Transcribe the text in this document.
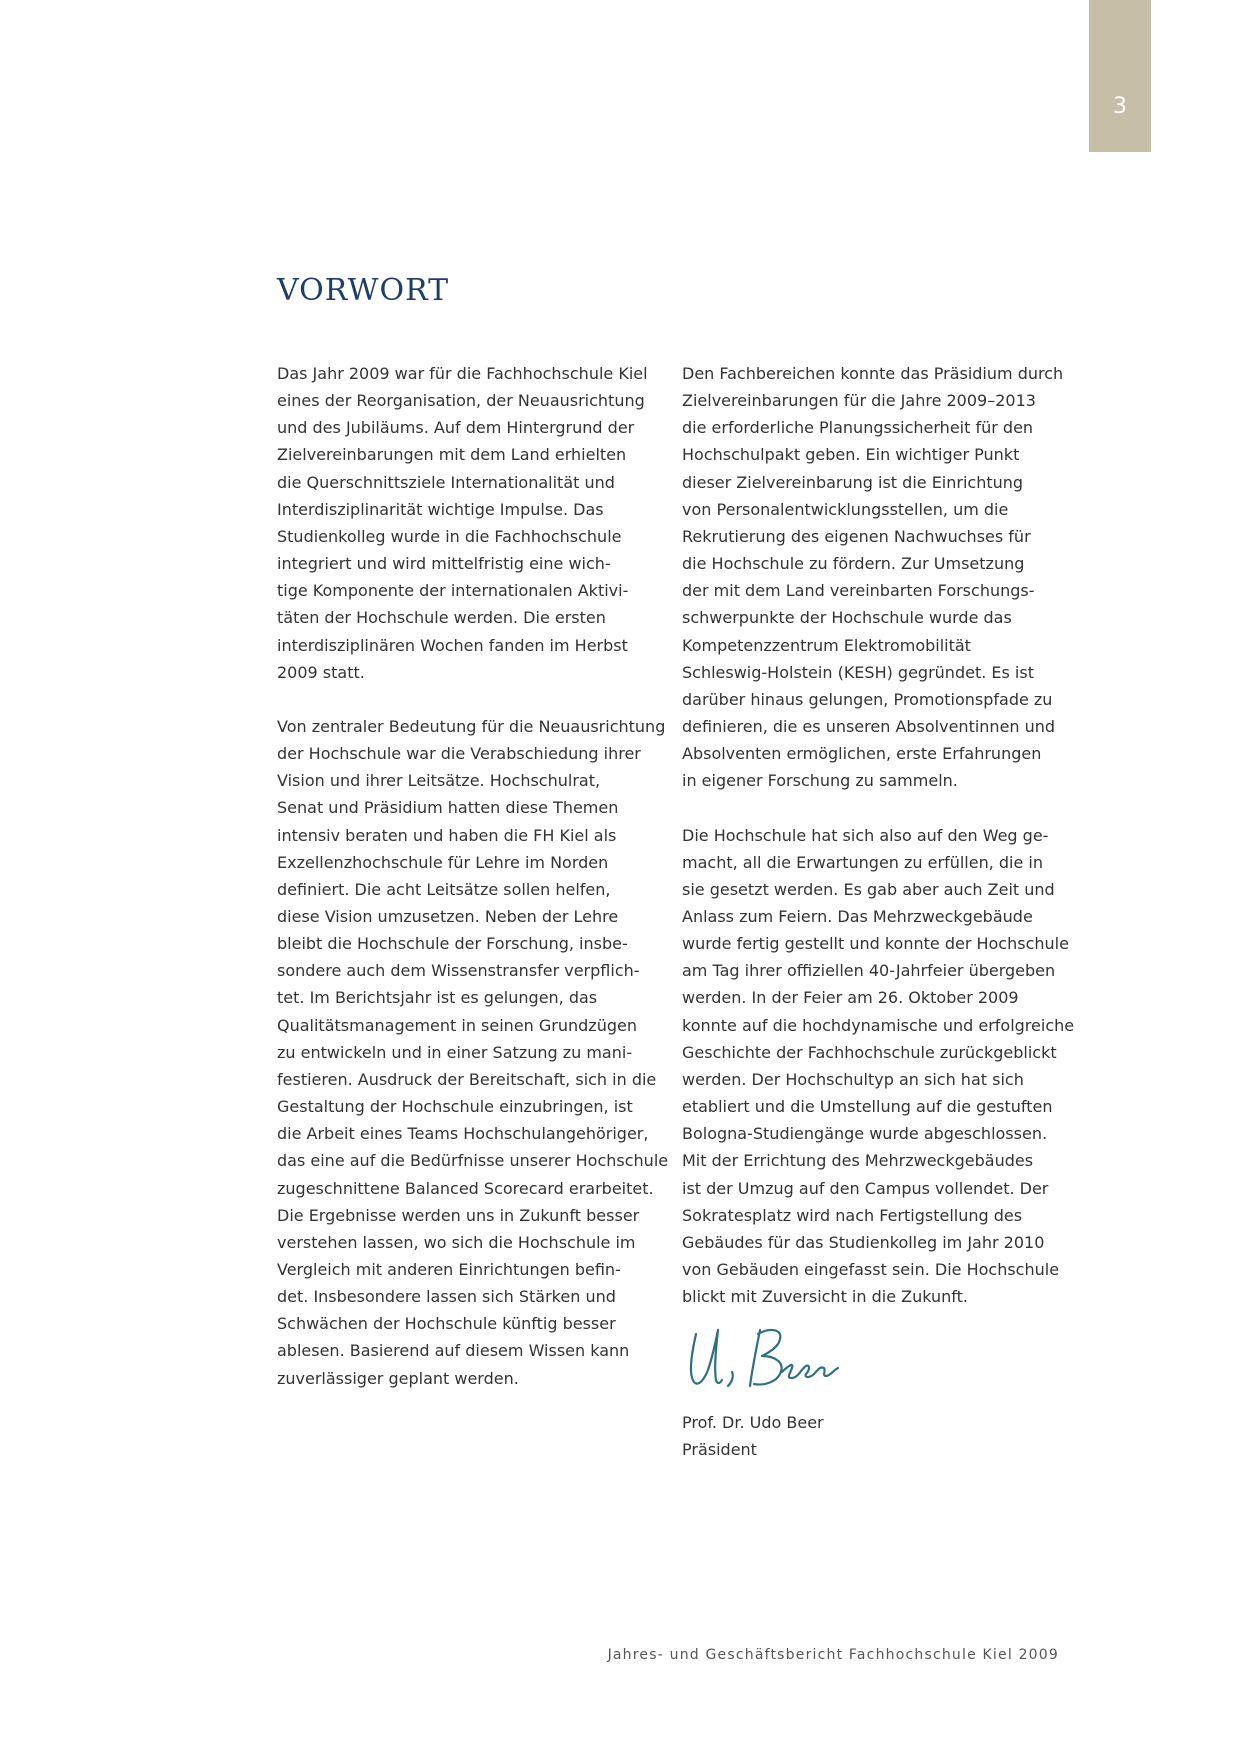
3
VORWORT

Das Jahr 2009 war für die Fachhochschule Kiel
eines der Reorganisation, der Neuausrichtung
und des Jubiläums. Auf dem Hintergrund der
Zielvereinbarungen mit dem Land erhielten
die Querschnittsziele Internationalität und
Interdisziplinarität wichtige Impulse. Das
Studienkolleg wurde in die Fachhochschule
integriert und wird mittelfristig eine wich-
tige Komponente der internationalen Aktivi-
täten der Hochschule werden. Die ersten
interdisziplinären Wochen fanden im Herbst
2009 statt.

Von zentraler Bedeutung für die Neuausrichtung
der Hochschule war die Verabschiedung ihrer
Vision und ihrer Leitsätze. Hochschulrat,
Senat und Präsidium hatten diese Themen
intensiv beraten und haben die FH Kiel als
Exzellenzhochschule für Lehre im Norden
definiert. Die acht Leitsätze sollen helfen,
diese Vision umzusetzen. Neben der Lehre
bleibt die Hochschule der Forschung, insbe-
sondere auch dem Wissenstransfer verpflich-
tet. Im Berichtsjahr ist es gelungen, das
Qualitätsmanagement in seinen Grundzügen
zu entwickeln und in einer Satzung zu mani-
festieren. Ausdruck der Bereitschaft, sich in die
Gestaltung der Hochschule einzubringen, ist
die Arbeit eines Teams Hochschulangehöriger,
das eine auf die Bedürfnisse unserer Hochschule
zugeschnittene Balanced Scorecard erarbeitet.
Die Ergebnisse werden uns in Zukunft besser
verstehen lassen, wo sich die Hochschule im
Vergleich mit anderen Einrichtungen befin-
det. Insbesondere lassen sich Stärken und
Schwächen der Hochschule künftig besser
ablesen. Basierend auf diesem Wissen kann
zuverlässiger geplant werden.

Den Fachbereichen konnte das Präsidium durch
Zielvereinbarungen für die Jahre 2009–2013
die erforderliche Planungssicherheit für den
Hochschulpakt geben. Ein wichtiger Punkt
dieser Zielvereinbarung ist die Einrichtung
von Personalentwicklungsstellen, um die
Rekrutierung des eigenen Nachwuchses für
die Hochschule zu fördern. Zur Umsetzung
der mit dem Land vereinbarten Forschungs-
schwerpunkte der Hochschule wurde das
Kompetenzzentrum Elektromobilität
Schleswig-Holstein (KESH) gegründet. Es ist
darüber hinaus gelungen, Promotionspfade zu
definieren, die es unseren Absolventinnen und
Absolventen ermöglichen, erste Erfahrungen
in eigener Forschung zu sammeln.

Die Hochschule hat sich also auf den Weg ge-
macht, all die Erwartungen zu erfüllen, die in
sie gesetzt werden. Es gab aber auch Zeit und
Anlass zum Feiern. Das Mehrzweckgebäude
wurde fertig gestellt und konnte der Hochschule
am Tag ihrer offiziellen 40-Jahrfeier übergeben
werden. In der Feier am 26. Oktober 2009
konnte auf die hochdynamische und erfolgreiche
Geschichte der Fachhochschule zurückgeblickt
werden. Der Hochschultyp an sich hat sich
etabliert und die Umstellung auf die gestuften
Bologna-Studiengänge wurde abgeschlossen.
Mit der Errichtung des Mehrzweckgebäudes
ist der Umzug auf den Campus vollendet. Der
Sokratesplatz wird nach Fertigstellung des
Gebäudes für das Studienkolleg im Jahr 2010
von Gebäuden eingefasst sein. Die Hochschule
blickt mit Zuversicht in die Zukunft.

Prof. Dr. Udo Beer
Präsident
Jahres- und Geschäftsbericht Fachhochschule Kiel 2009
